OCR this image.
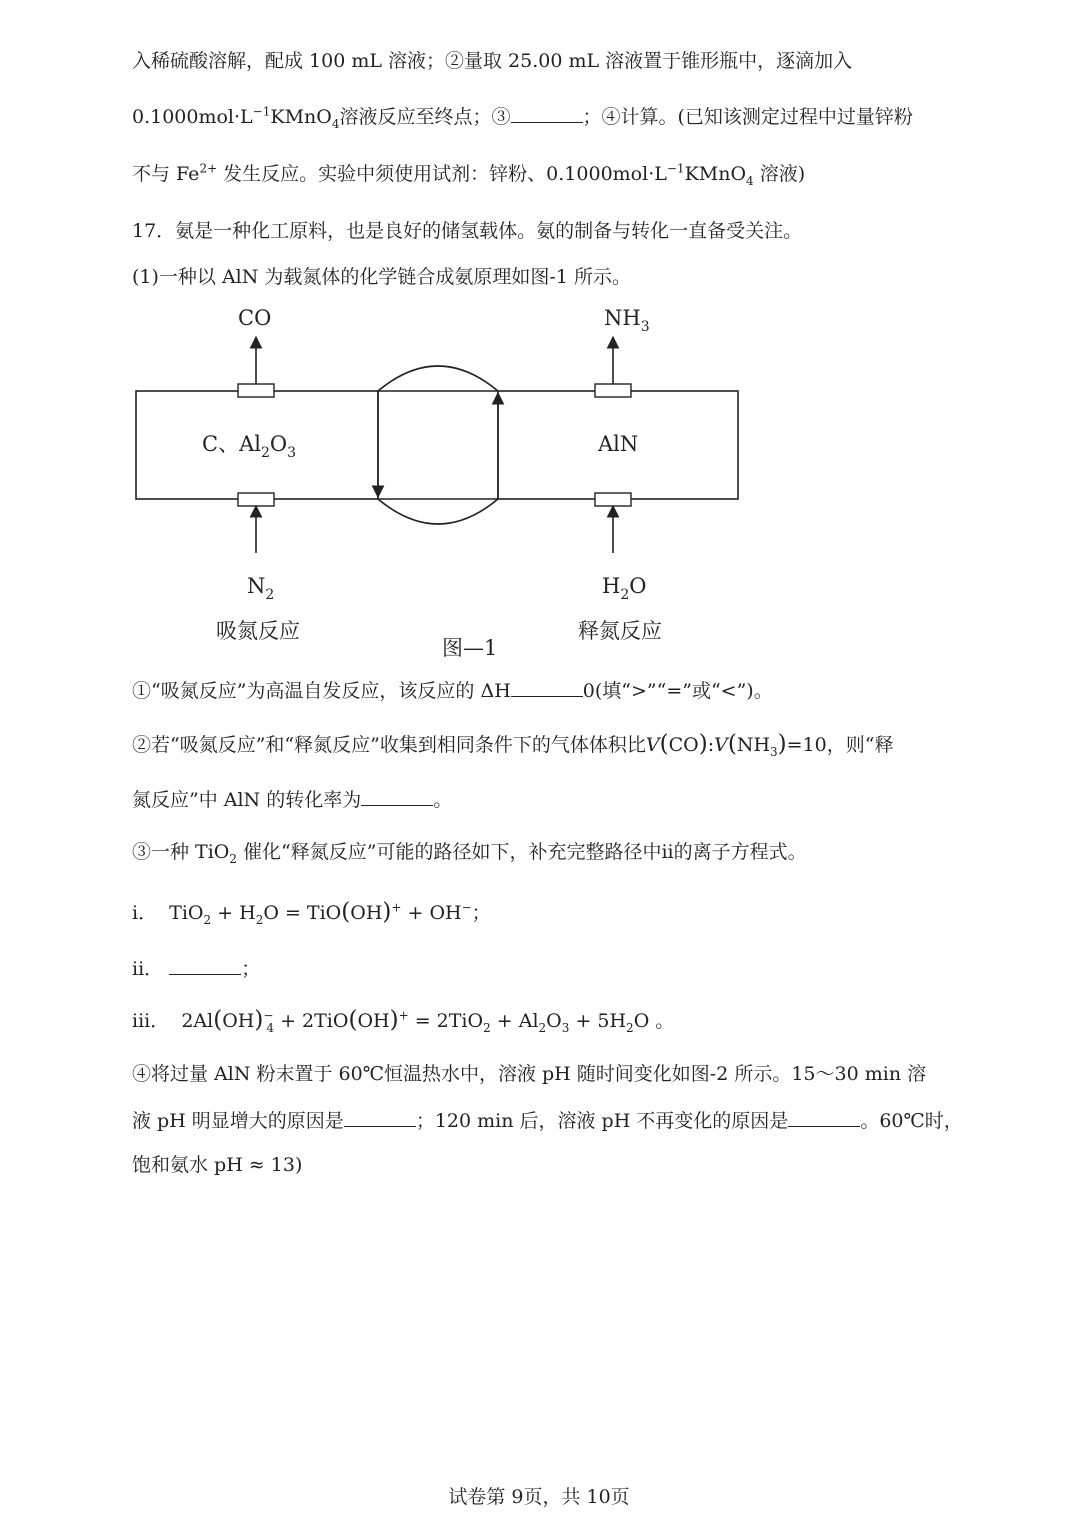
入稀硫酸溶解，配成 100 mL 溶液；②量取 25.00 mL 溶液置于锥形瓶中，逐滴加入
$0.1000mol\cdot L^{-1}KMnO_4$溶液反应至终点；③	；④计算。(已知该测定过程中过量锌粉
不与 $Fe^{2+}$ 发生反应。实验中须使用试剂：锌粉、$0.1000mol\cdot L^{-1}KMnO_4$ 溶液)
17．氨是一种化工原料，也是良好的储氢载体。氨的制备与转化一直备受关注。
(1)一种以 AlN 为载氮体的化学链合成氨原理如图-1 所示。
CO	$NH_3$
C、$Al_2O_3$	AlN
$N_2$	$H_2O$
吸氮反应	释氮反应
图—1
①“吸氮反应”为高温自发反应，该反应的 ΔH	0(填“>”“=”或“<”)。
②若“吸氮反应”和“释氮反应”收集到相同条件下的气体体积比$V(CO):V(NH_3)=10$，则“释
氮反应”中 AlN 的转化率为	。
③一种 TiO$_2$ 催化“释氮反应”可能的路径如下，补充完整路径中ii的离子方程式。
i． $TiO_2 + H_2O = TiO(OH)^+ + OH^-$；
ii．	；
iii． $2Al(OH)^-_4 + 2TiO(OH)^+ = 2TiO_2 + Al_2O_3 + 5H_2O$ 。
④将过量 AlN 粉末置于 60℃恒温热水中，溶液 pH 随时间变化如图-2 所示。15～30 min 溶
液 pH 明显增大的原因是	；120 min 后，溶液 pH 不再变化的原因是	。60℃时，
饱和氨水 pH ≈ 13)
试卷第 9页，共 10页
